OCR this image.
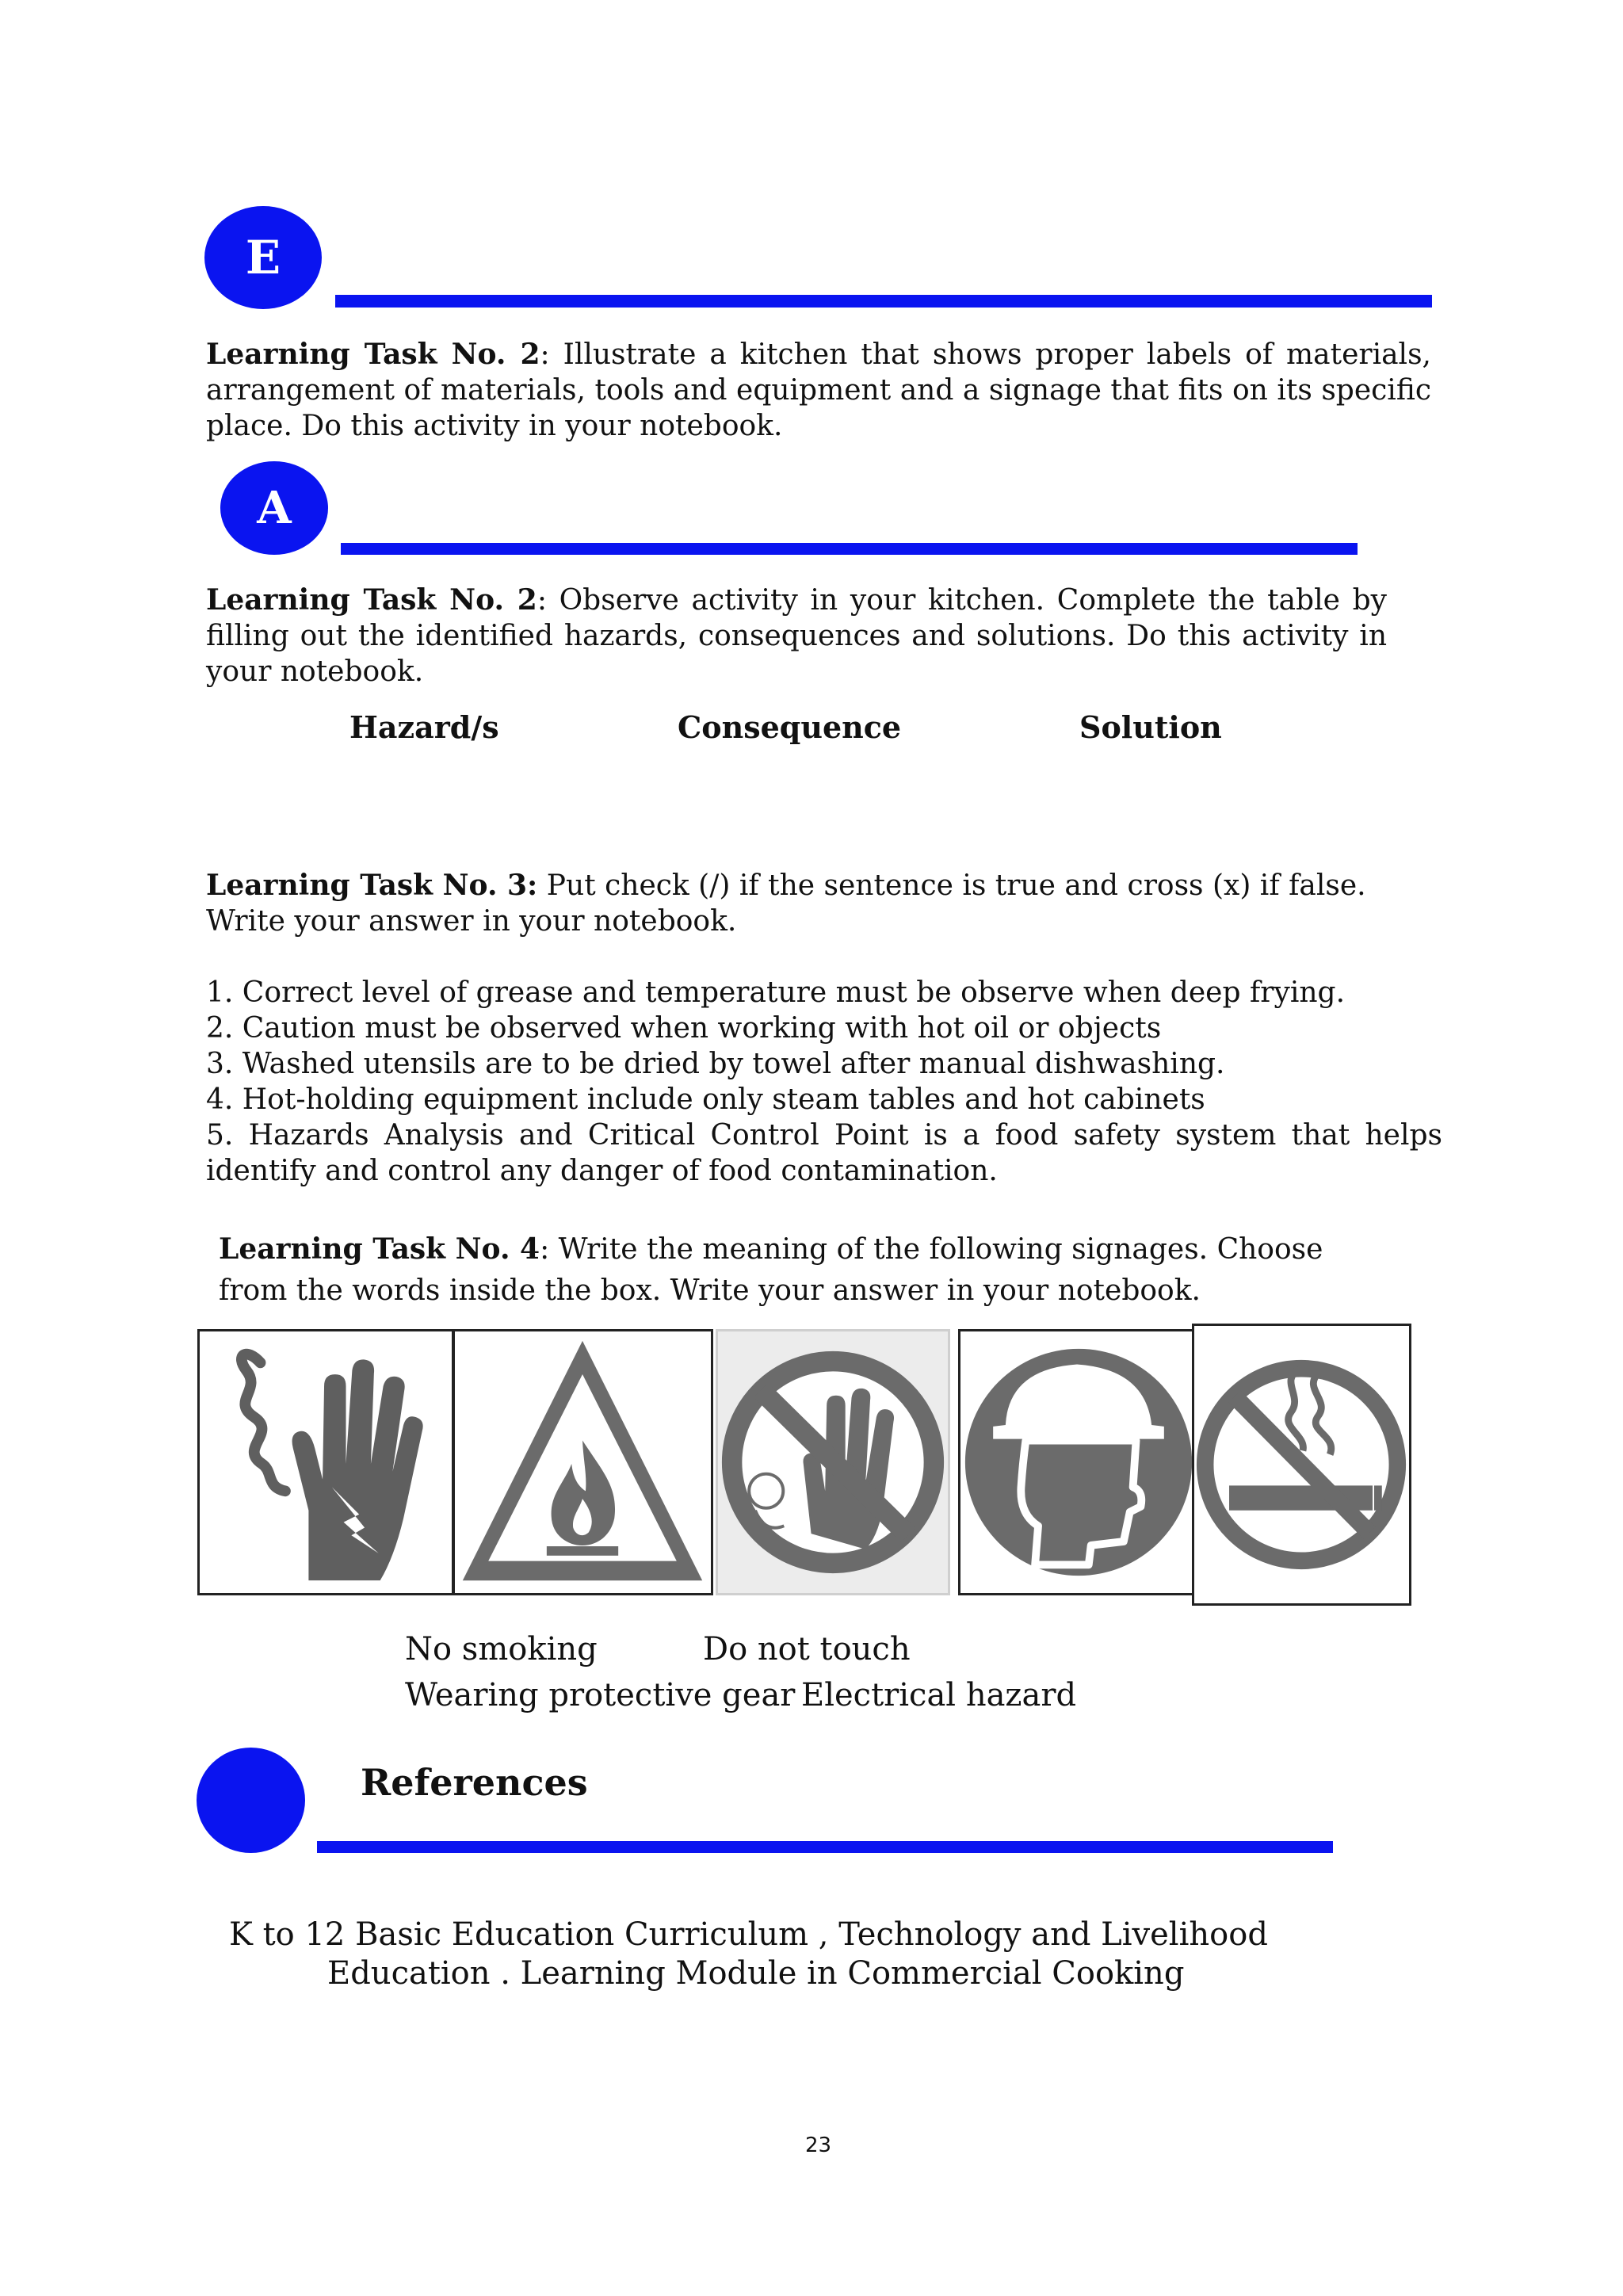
E
Learning Task No. 2: Illustrate a kitchen that shows proper labels of materials, arrangement of materials, tools and equipment and a signage that fits on its specific place. Do this activity in your notebook.
A
Learning Task No. 2: Observe activity in your kitchen. Complete the table by filling out the identified hazards, consequences and solutions. Do this activity in your notebook.
Hazard/s	Consequence	Solution
Learning Task No. 3: Put check (/) if the sentence is true and cross (x) if false. Write your answer in your notebook.
1. Correct level of grease and temperature must be observe when deep frying.
2. Caution must be observed when working with hot oil or objects
3. Washed utensils are to be dried by towel after manual dishwashing.
4. Hot-holding equipment include only steam tables and hot cabinets
5. Hazards Analysis and Critical Control Point is a food safety system that helps identify and control any danger of food contamination.
Learning Task No. 4: Write the meaning of the following signages. Choose
from the words inside the box. Write your answer in your notebook.
No smoking	Do not touch
Wearing protective gear Electrical hazard
References
K to 12 Basic Education Curriculum , Technology and Livelihood
Education . Learning Module in Commercial Cooking
23
